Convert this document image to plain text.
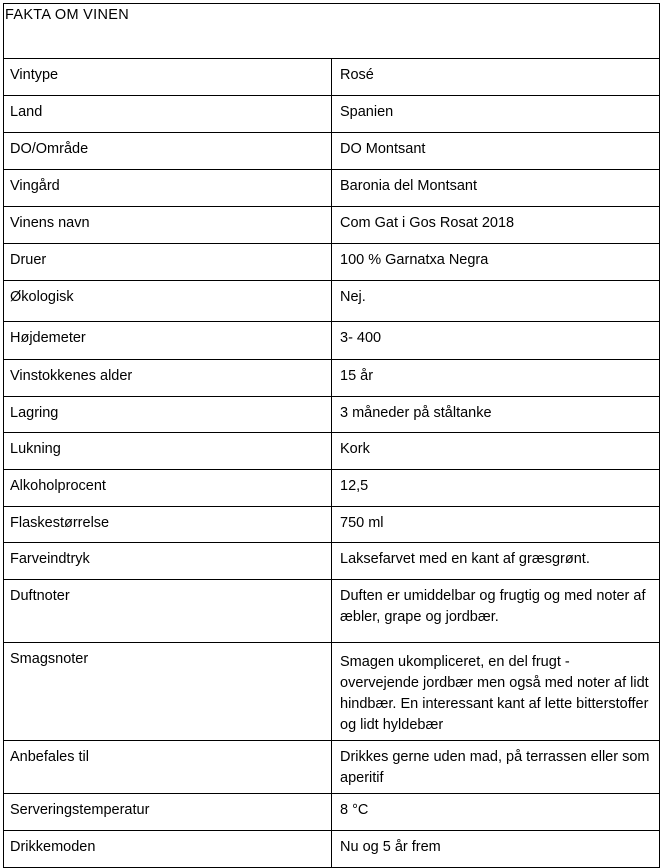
FAKTA OM VINEN	
Vintype	Rosé
Land	Spanien
DO/Område	DO Montsant
Vingård	Baronia del Montsant
Vinens navn	Com Gat i Gos Rosat 2018
Druer	100 % Garnatxa Negra
Økologisk	Nej.
Højdemeter	3- 400
Vinstokkenes alder	15 år
Lagring	3 måneder på ståltanke
Lukning	Kork
Alkoholprocent	12,5
Flaskestørrelse	750 ml
Farveindtryk	Laksefarvet med en kant af græsgrønt.
Duftnoter	Duften er umiddelbar og frugtig og med noter af æbler, grape og jordbær.
Smagsnoter	Smagen ukompliceret, en del frugt - overvejende jordbær men også med noter af lidt hindbær. En interessant kant af lette bitterstoffer og lidt hyldebær
Anbefales til	Drikkes gerne uden mad, på terrassen eller som aperitif
Serveringstemperatur	8 °C
Drikkemoden	Nu og 5 år frem
